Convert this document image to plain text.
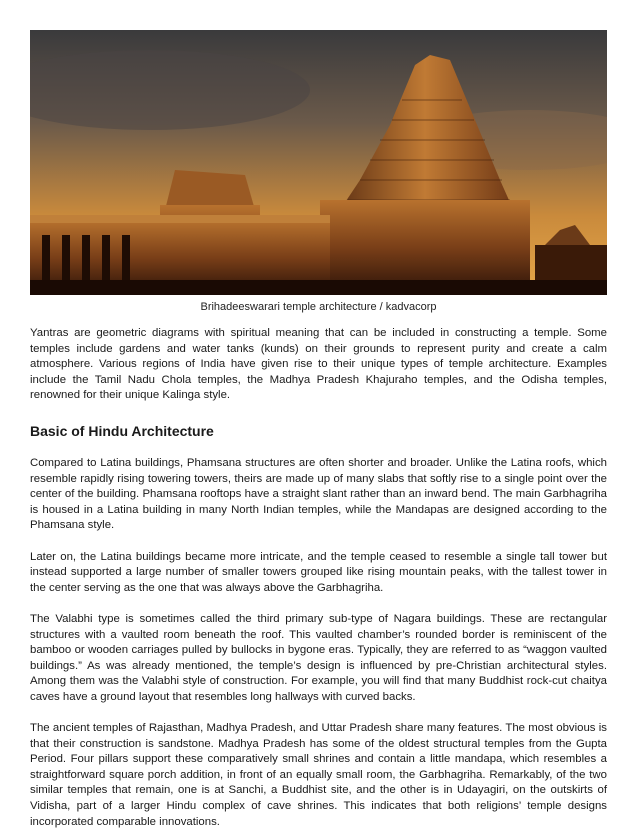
Brihadeeswarari temple architecture / kadvacorp

Yantras are geometric diagrams with spiritual meaning that can be included in constructing a temple. Some temples include gardens and water tanks (kunds) on their grounds to represent purity and create a calm atmosphere. Various regions of India have given rise to their unique types of temple architecture. Examples include the Tamil Nadu Chola temples, the Madhya Pradesh Khajuraho temples, and the Odisha temples, renowned for their unique Kalinga style.

Basic of Hindu Architecture

Compared to Latina buildings, Phamsana structures are often shorter and broader. Unlike the Latina roofs, which resemble rapidly rising towering towers, theirs are made up of many slabs that softly rise to a single point over the center of the building. Phamsana rooftops have a straight slant rather than an inward bend. The main Garbhagriha is housed in a Latina building in many North Indian temples, while the Mandapas are designed according to the Phamsana style.

Later on, the Latina buildings became more intricate, and the temple ceased to resemble a single tall tower but instead supported a large number of smaller towers grouped like rising mountain peaks, with the tallest tower in the center serving as the one that was always above the Garbhagriha.

The Valabhi type is sometimes called the third primary sub-type of Nagara buildings. These are rectangular structures with a vaulted room beneath the roof. This vaulted chamber’s rounded border is reminiscent of the bamboo or wooden carriages pulled by bullocks in bygone eras. Typically, they are referred to as “waggon vaulted buildings.” As was already mentioned, the temple’s design is influenced by pre-Christian architectural styles. Among them was the Valabhi style of construction. For example, you will find that many Buddhist rock-cut chaitya caves have a ground layout that resembles long hallways with curved backs.

The ancient temples of Rajasthan, Madhya Pradesh, and Uttar Pradesh share many features. The most obvious is that their construction is sandstone. Madhya Pradesh has some of the oldest structural temples from the Gupta Period. Four pillars support these comparatively small shrines and contain a little mandapa, which resembles a straightforward square porch addition, in front of an equally small room, the Garbhagriha. Remarkably, of the two similar temples that remain, one is at Sanchi, a Buddhist site, and the other is in Udayagiri, on the outskirts of Vidisha, part of a larger Hindu complex of cave shrines. This indicates that both religions’ temple designs incorporated comparable innovations.
